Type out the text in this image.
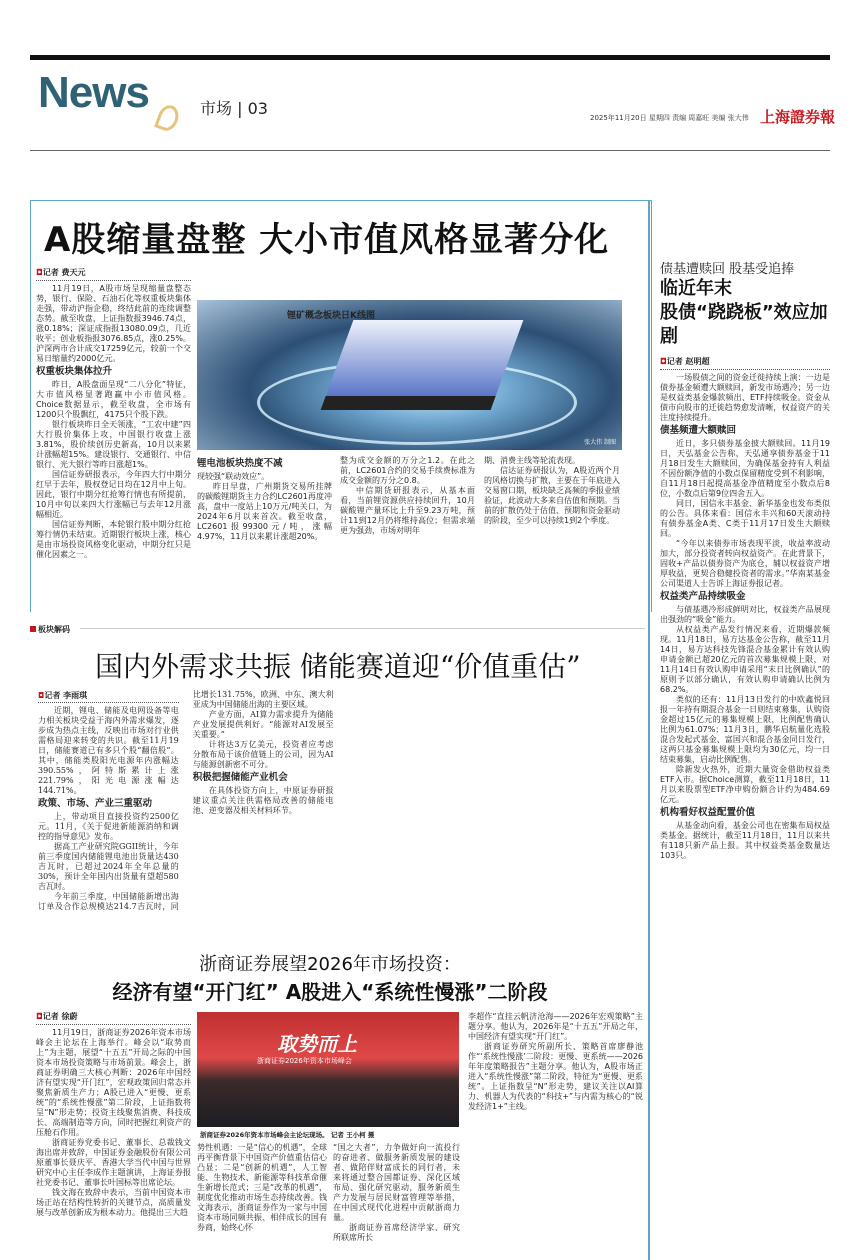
News	市场 | 03	2025年11月20日 星期四 责编 周嘉旺 美编 张大伟 上海證券報
A股缩量盘整 大小市值风格显著分化
◘记者 费天元

11月19日，A股市场呈现缩量盘整态势，银行、保险、石油石化等权重板块集体走强，带动沪指企稳，终结此前的连续调整态势。截至收盘，上证指数报3946.74点，涨0.18%；深证成指报13080.09点，几近收平；创业板指报3076.85点，涨0.25%。沪深两市合计成交17259亿元，较前一个交易日缩量约2000亿元。

权重板块集体拉升

昨日，A股盘面呈现“二八分化”特征，大市值风格显著跑赢中小市值风格。Choice数据显示，截至收盘，全市场有1200只个股飘红，4175只个股下跌。

银行板块昨日全天领涨，“工农中建”四大行股价集体上攻，中国银行收盘上涨3.81%，股价续创历史新高，10月以来累计涨幅超15%。建设银行、交通银行、中信银行、光大银行等昨日涨超1%。

国信证券研报表示，今年四大行中期分红早于去年，股权登记日均在12月中上旬。因此，银行中期分红抢筹行情也有所提前，10月中旬以来四大行涨幅已与去年12月涨幅相近。

国信证券判断，本轮银行股中期分红抢筹行情仍未结束。近期银行板块上涨，核心是由市场投资风格变化驱动，中期分红只是催化因素之一。

锂矿概念板块日K线图
张大伟 制图
锂电池板块热度不减

现较强“联动效应”。

昨日早盘，广州期货交易所挂牌的碳酸锂期货主力合约LC2601再度冲高，盘中一度站上10万元/吨关口，为2024年6月以来首次。截至收盘，LC2601报99300元/吨，涨幅4.97%，11月以来累计涨超20%。

整为成交金额的万分之1.2。在此之前，LC2601合约的交易手续费标准为成交金额的万分之0.8。

中信期货研报表示，从基本面看，当前锂资源供应持续回升，10月碳酸锂产量环比上升至9.23万吨，预计11到12月仍将维持高位；但需求端更为强劲，市场对明年

期、消费主线等轮流表现。

信达证券研报认为，A股近两个月的风格切换与扩散，主要在于年底进入交易窗口期，板块缺乏高频的季报业绩验证，此波动大多来自估值和预期。当前的扩散仍处于估值、预期和资金驱动的阶段，至少可以持续1到2个季度。

债基遭赎回 股基受追捧
临近年末
股债“跷跷板”效应加剧
◘记者 赵明超

一场股债之间的资金迁徙持续上演：一边是债券基金频遭大额赎回，新发市场遇冷；另一边是权益类基金爆款频出、ETF持续吸金。资金从债市向股市的迁徙趋势愈发清晰，权益资产的关注度持续提升。

债基频遭大额赎回

近日，多只债券基金披大额赎回。11月19日，天弘基金公告称，天弘通享债券基金于11月18日发生大额赎回，为确保基金持有人利益不因份额净值的小数点保留精度受到不利影响，自11月18日起提高基金净值精度至小数点后8位，小数点后第9位四舍五入。

同日，国信永丰基金、新华基金也发布类似的公告。具体来看：国信永丰兴和60天滚动持有债券基金A类、C类于11月17日发生大额赎回。

“今年以来债券市场表现平淡，收益率波动加大，部分投资者转向权益资产。在此背景下，固收+产品以债券资产为底仓，辅以权益资产增厚收益，更契合稳健投资者的需求。”华南某基金公司渠道人士告诉上海证券报记者。

权益类产品持续吸金

与债基遇冷形成鲜明对比，权益类产品展现出强劲的“吸金”能力。

从权益类产品发行情况来看，近期爆款频现。11月18日，易方达基金公告称，截至11月14日，易方达科技先锋混合基金累计有效认购申请金额已超20亿元的首次募集规模上限，对11月14日有效认购申请采用“末日比例确认”的原则予以部分确认，有效认购申请确认比例为68.2%。

类似的还有：11月13日发行的中欧鑫悦回报一年持有期混合基金一日则结束募集，认购资金超过15亿元的募集规模上限，比例配售确认比例为61.07%；11月3日，鹏华启航量化选股混合发起式基金、富国兴和混合基金同日发行，这两只基金募集规模上限均为30亿元，均一日结束募集，启动比例配售。

除新发火热外，近期大量资金借助权益类ETF入市。据Choice测算，截至11月18日，11月以来股票型ETF净申购份额合计约为484.69亿元。

机构看好权益配置价值

从基金动向看，基金公司也在密集布局权益类基金。据统计，截至11月18日，11月以来共有118只新产品上报。其中权益类基金数量达103只。

板块解码
国内外需求共振 储能赛道迎“价值重估”
◘记者 李雨琪

近期，锂电、储能及电网设备等电力相关板块受益于海内外需求爆发，逐步成为热点主线，反映出市场对行业供需格局迎来转变的共识。截至11月19日，储能赛道已有多只个股“翻倍股”。其中，储能类股阳光电源年内涨幅达390.55%，阿特斯累计上涨221.79%，阳光电源涨幅达144.71%。

政策、市场、产业三重驱动

上，带动项目直接投资约2500亿元。11月，《关于促进新能源消纳和调控的指导意见》发布。

据高工产业研究院GGII统计，今年前三季度国内储能锂电池出货量达430吉瓦时，已超过2024年全年总量的30%，预计全年国内出货量有望超580吉瓦时。

今年前三季度，中国储能新增出海订单及合作总规模达214.7吉瓦时，同比增长131.75%，欧洲、中东、澳大利亚成为中国储能出海的主要区域。

产业方面，AI算力需求提升为储能产业发展提供利好。“能源对AI发展至关重要。”

计将达3万亿美元，投资者应考虑分散布局于该价值链上的公司，因为AI与能源创新密不可分。

积极把握储能产业机会

在具体投资方向上，中原证券研报建议重点关注供需格局改善的储能电池、逆变器及相关材料环节。

浙商证券展望2026年市场投资：
经济有望“开门红” A股进入“系统性慢涨”二阶段
◘记者 徐蔚

11月19日，浙商证券2026年资本市场峰会主论坛在上海举行。峰会以“取势而上”为主题，展望“十五五”开局之际的中国资本市场投资策略与市场前景。峰会上，浙商证券明确三大核心判断：2026年中国经济有望实现“开门红”，宏观政策回归常态并聚焦新质生产力；A股已进入“更慢、更系统”的“系统性慢涨”第二阶段，上证指数将呈“N”形走势；投资主线聚焦消费、科技成长、高端制造等方向，同时把握红利资产的压舱石作用。

浙商证券党委书记、董事长、总裁钱文海出席并致辞，中国证券金融股份有限公司原董事长聂庆平、香港大学当代中国与世界研究中心主任李成作主题演讲，上海证券报社党委书记、董事长叶国标等出席论坛。

钱文海在致辞中表示，当前中国资本市场正站在结构性转折的关键节点，高质量发展与改革创新成为根本动力。他提出三大趋

取势而上
浙商证券2026年资本市场峰会
浙商证券2026年资本市场峰会主论坛现场。 记者 王小柯 摄

势性机遇：一是“信心的机遇”，全球再平衡背景下中国资产价值重估信心凸显；二是“创新的机遇”，人工智能、生物技术、新能源等科技革命催生新增长范式；三是“改革的机遇”，制度优化推动市场生态持续改善。钱文海表示，浙商证券作为一家与中国资本市场同频共振、相伴成长的国有券商，始终心怀

“国之大者”，力争做好向一流投行的奋进者、做服务新质发展的建设者、做陪伴财富成长的同行者，未来将通过整合国都证券、深化区域布局、强化研究驱动，服务新质生产力发展与居民财富管理等举措，在中国式现代化进程中贡献浙商力量。

浙商证券首席经济学家、研究所联席所长

李超作“直挂云帆济沧海——2026年宏观策略”主题分享。他认为，2026年是“十五五”开局之年，中国经济有望实现“开门红”。

浙商证券研究所副所长、策略首席廖静池作“‘系统性慢涨’二阶段：更慢、更系统——2026年年度策略报告”主题分享。他认为，A股市场正进入“系统性慢涨”第二阶段，特征为“更慢、更系统”。上证指数呈“N”形走势，建议关注以AI算力、机器人为代表的“科技+”与内需为核心的“锐发经济1+”主线。
